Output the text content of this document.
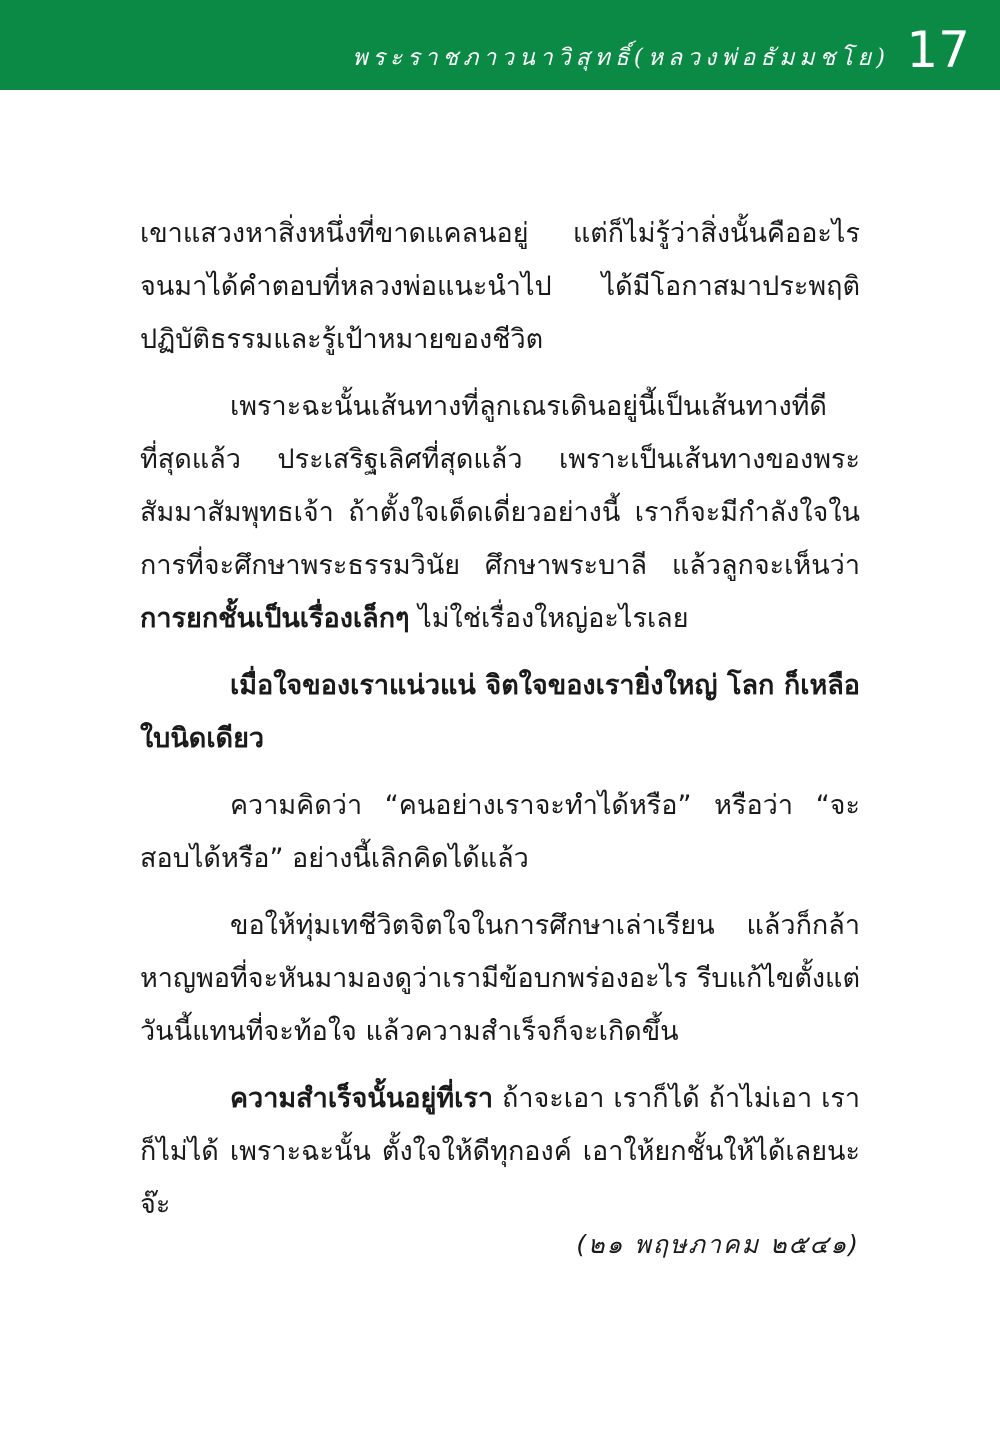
พระราชภาวนาวิสุทธิ์(หลวงพ่อธัมมชโย) 17

เขาแสวงหาสิ่งหนึ่งที่ขาดแคลนอยู่ แต่ก็ไม่รู้ว่าสิ่งนั้นคืออะไร จนมาได้คำตอบที่หลวงพ่อแนะนำไป ได้มีโอกาสมาประพฤติปฏิบัติธรรมและรู้เป้าหมายของชีวิต

เพราะฉะนั้นเส้นทางที่ลูกเณรเดินอยู่นี้เป็นเส้นทางที่ดีที่สุดแล้ว ประเสริฐเลิศที่สุดแล้ว เพราะเป็นเส้นทางของพระสัมมาสัมพุทธเจ้า ถ้าตั้งใจเด็ดเดี่ยวอย่างนี้ เราก็จะมีกำลังใจในการที่จะศึกษาพระธรรมวินัย ศึกษาพระบาลี แล้วลูกจะเห็นว่า การยกชั้นเป็นเรื่องเล็กๆ ไม่ใช่เรื่องใหญ่อะไรเลย

เมื่อใจของเราแน่วแน่ จิตใจของเรายิ่งใหญ่ โลก ก็เหลือใบนิดเดียว

ความคิดว่า “คนอย่างเราจะทำได้หรือ” หรือว่า “จะสอบได้หรือ” อย่างนี้เลิกคิดได้แล้ว

ขอให้ทุ่มเทชีวิตจิตใจในการศึกษาเล่าเรียน แล้วก็กล้า หาญพอที่จะหันมามองดูว่าเรามีข้อบกพร่องอะไร รีบแก้ไขตั้งแต่วันนี้แทนที่จะท้อใจ แล้วความสำเร็จก็จะเกิดขึ้น

ความสำเร็จนั้นอยู่ที่เรา ถ้าจะเอา เราก็ได้ ถ้าไม่เอา เราก็ไม่ได้ เพราะฉะนั้น ตั้งใจให้ดีทุกองค์ เอาให้ยกชั้นให้ได้เลยนะจ๊ะ

(๒๑ พฤษภาคม ๒๕๔๑)
